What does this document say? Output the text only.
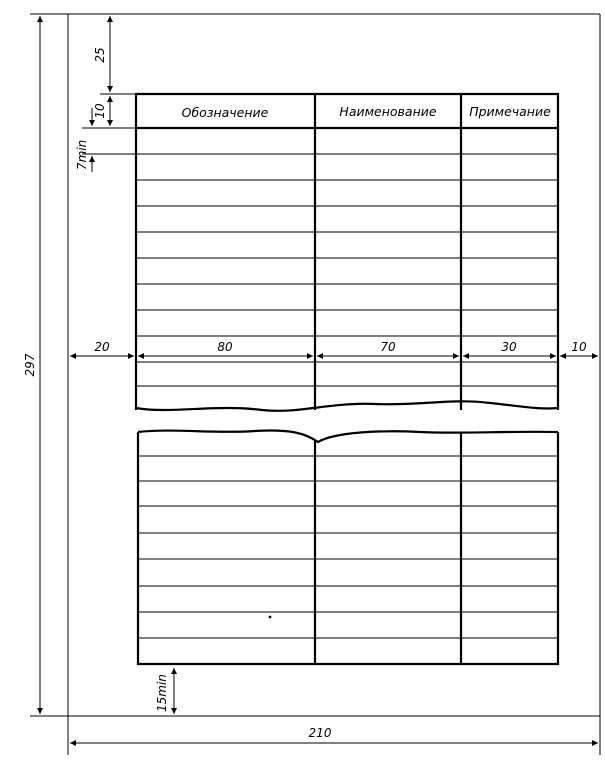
297
210
Обозначение	Наименование	Примечание
25
10
7min
20	80	70	30	10
15min
